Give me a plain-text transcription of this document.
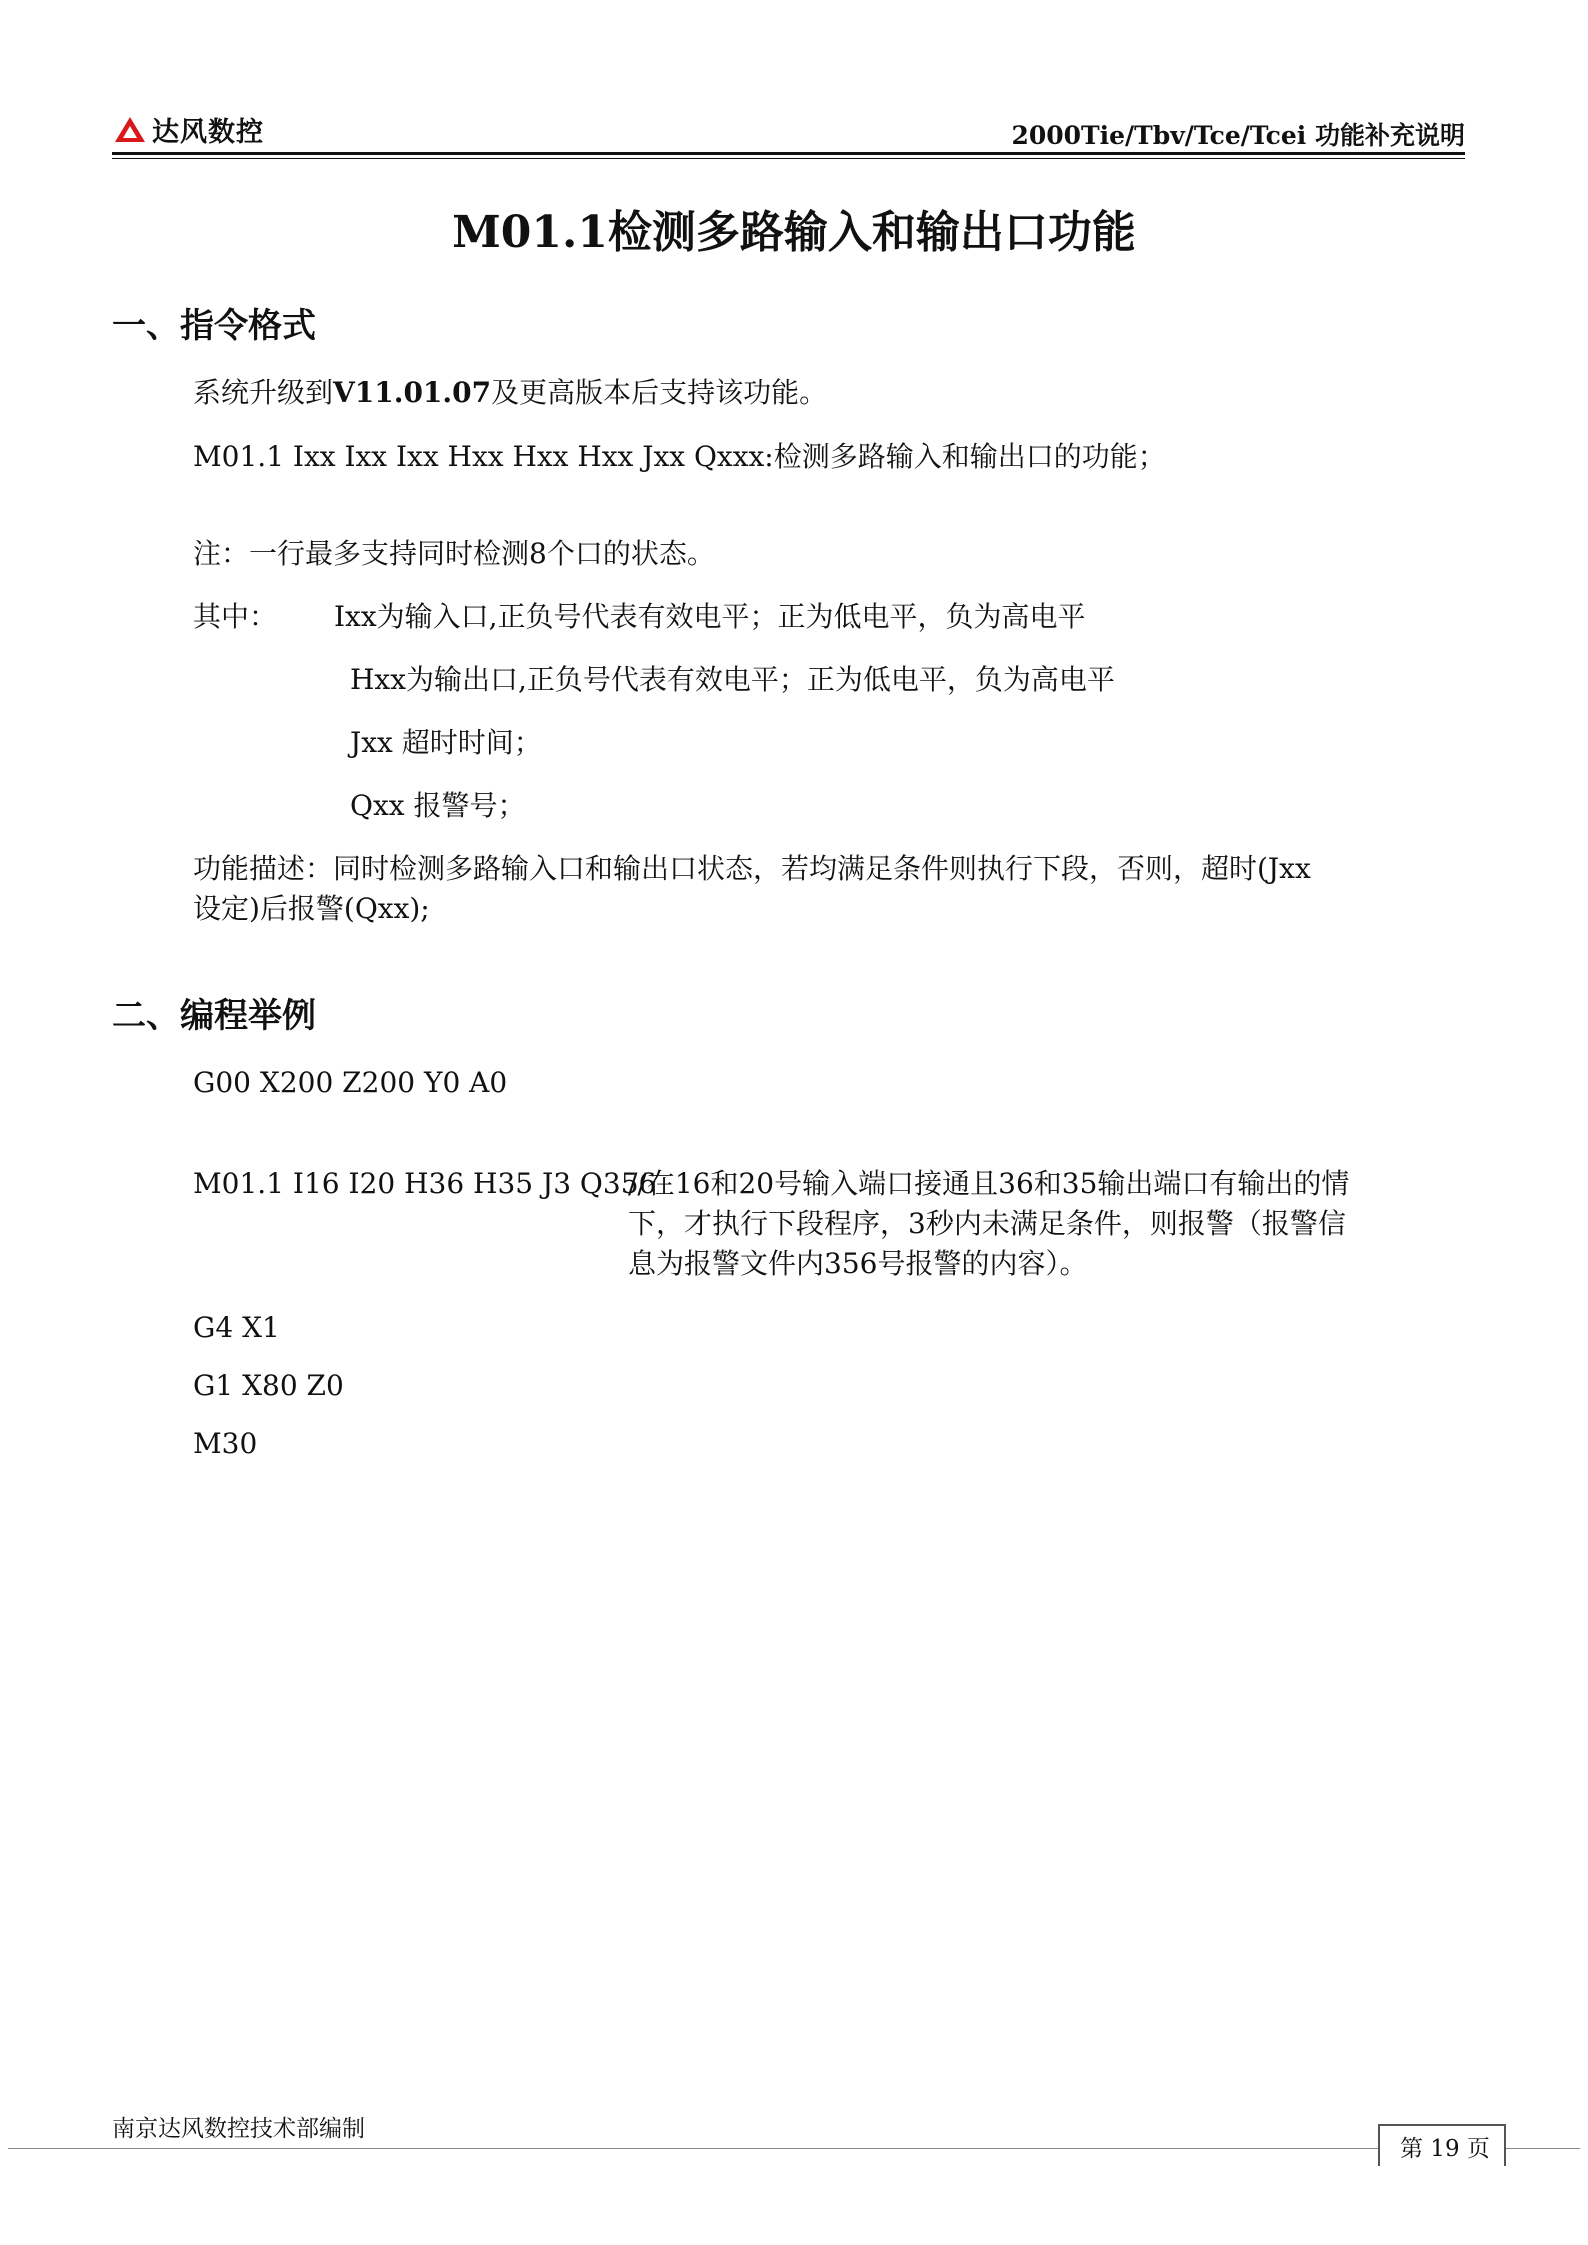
达风数控	2000Tie/Tbv/Tce/Tcei 功能补充说明
M01.1检测多路输入和输出口功能
一、指令格式
系统升级到V11.01.07及更高版本后支持该功能。
M01.1 Ixx Ixx Ixx Hxx Hxx Hxx Jxx Qxxx:检测多路输入和输出口的功能；
注：一行最多支持同时检测8个口的状态。
其中： Ixx为输入口,正负号代表有效电平；正为低电平，负为高电平
Hxx为输出口,正负号代表有效电平；正为低电平，负为高电平
Jxx 超时时间；
Qxx 报警号；
功能描述：同时检测多路输入口和输出口状态，若均满足条件则执行下段，否则，超时(Jxx
设定)后报警(Qxx);
二、编程举例
G00 X200 Z200 Y0 A0
M01.1 I16 I20 H36 H35 J3 Q356
//在16和20号输入端口接通且36和35输出端口有输出的情
下，才执行下段程序，3秒内未满足条件，则报警（报警信
息为报警文件内356号报警的内容）。
G4 X1
G1 X80 Z0
M30
南京达风数控技术部编制
第 19 页
